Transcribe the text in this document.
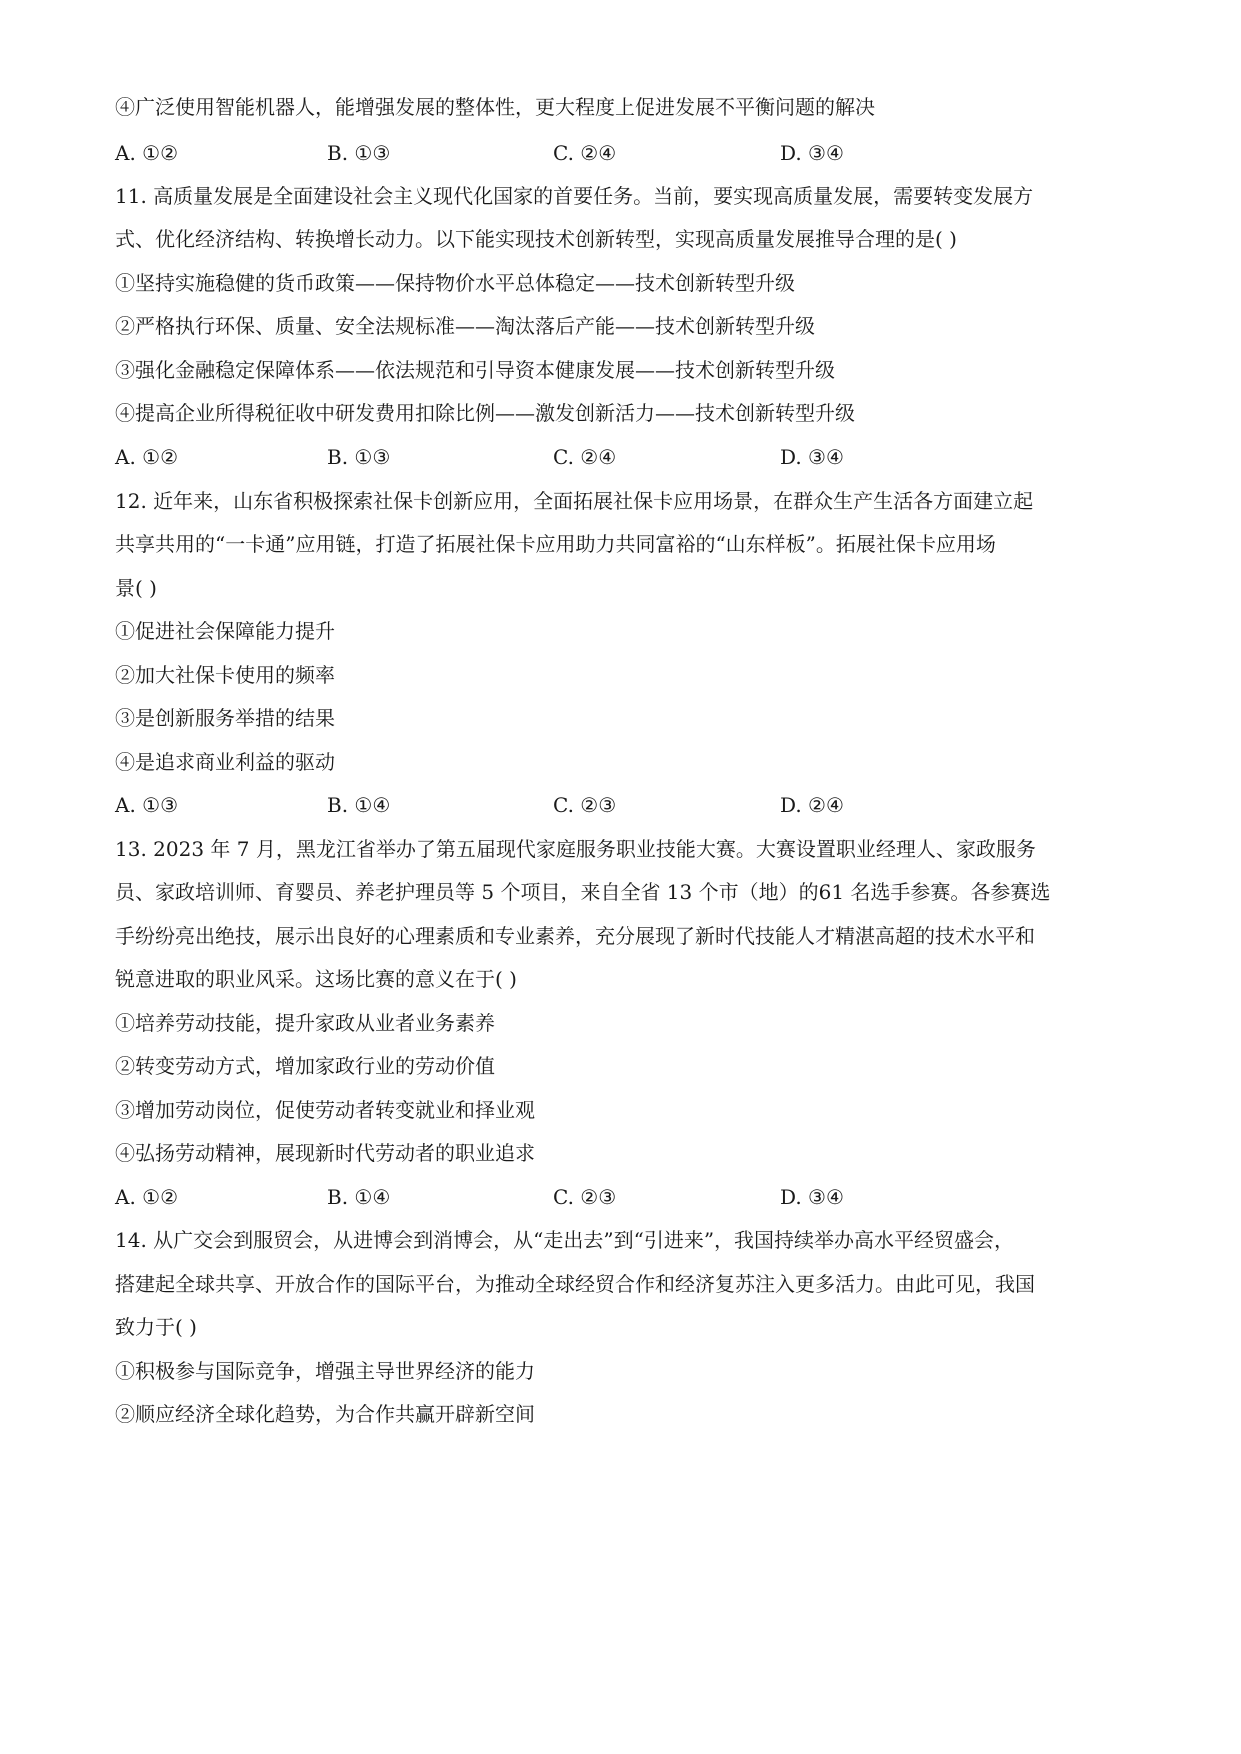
④广泛使用智能机器人，能增强发展的整体性，更大程度上促进发展不平衡问题的解决
A. ①②	B. ①③	C. ②④	D. ③④
11. 高质量发展是全面建设社会主义现代化国家的首要任务。当前，要实现高质量发展，需要转变发展方
式、优化经济结构、转换增长动力。以下能实现技术创新转型，实现高质量发展推导合理的是( )
①坚持实施稳健的货币政策——保持物价水平总体稳定——技术创新转型升级
②严格执行环保、质量、安全法规标准——淘汰落后产能——技术创新转型升级
③强化金融稳定保障体系——依法规范和引导资本健康发展——技术创新转型升级
④提高企业所得税征收中研发费用扣除比例——激发创新活力——技术创新转型升级
A. ①②	B. ①③	C. ②④	D. ③④
12. 近年来，山东省积极探索社保卡创新应用，全面拓展社保卡应用场景，在群众生产生活各方面建立起
共享共用的“一卡通”应用链，打造了拓展社保卡应用助力共同富裕的“山东样板”。拓展社保卡应用场
景( )
①促进社会保障能力提升
②加大社保卡使用的频率
③是创新服务举措的结果
④是追求商业利益的驱动
A. ①③	B. ①④	C. ②③	D. ②④
13. 2023 年 7 月，黑龙江省举办了第五届现代家庭服务职业技能大赛。大赛设置职业经理人、家政服务
员、家政培训师、育婴员、养老护理员等 5 个项目，来自全省 13 个市（地）的61 名选手参赛。各参赛选
手纷纷亮出绝技，展示出良好的心理素质和专业素养，充分展现了新时代技能人才精湛高超的技术水平和
锐意进取的职业风采。这场比赛的意义在于( )
①培养劳动技能，提升家政从业者业务素养
②转变劳动方式，增加家政行业的劳动价值
③增加劳动岗位，促使劳动者转变就业和择业观
④弘扬劳动精神，展现新时代劳动者的职业追求
A. ①②	B. ①④	C. ②③	D. ③④
14. 从广交会到服贸会，从进博会到消博会，从“走出去”到“引进来”，我国持续举办高水平经贸盛会，
搭建起全球共享、开放合作的国际平台，为推动全球经贸合作和经济复苏注入更多活力。由此可见，我国
致力于( )
①积极参与国际竞争，增强主导世界经济的能力
②顺应经济全球化趋势，为合作共赢开辟新空间
